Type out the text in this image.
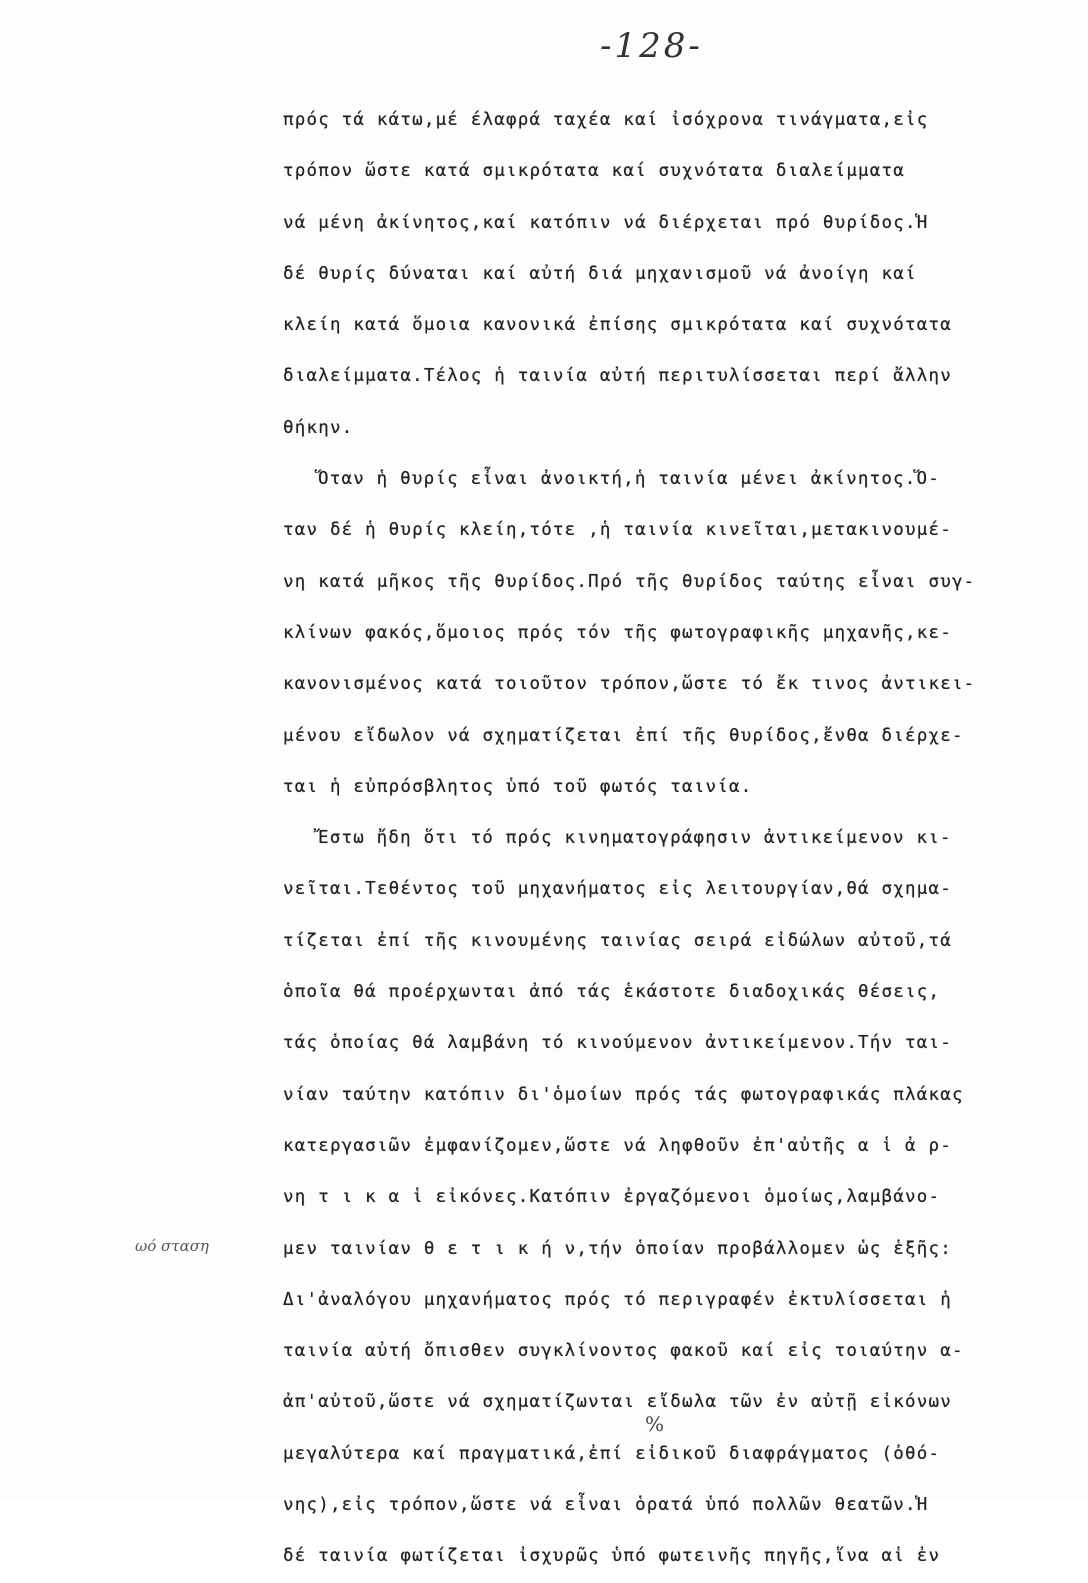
-128-
πρός τά κάτω,μέ έλαφρά ταχέα καί ἰσόχρονα τινάγματα,εἰς
τρόπον ὥστε κατά σμικρότατα καί συχνότατα διαλείμματα
νά μένη ἀκίνητος,καί κατόπιν νά διέρχεται πρό θυρίδος.Ἡ
δέ θυρίς δύναται καί αὐτή διά μηχανισμοῦ νά ἀνοίγη καί
κλείη κατά ὅμοια κανονικά ἐπίσης σμικρότατα καί συχνότατα
διαλείμματα.Τέλος ἡ ταινία αὐτή περιτυλίσσεται περί ἄλλην
θήκην.
Ὅταν ἡ θυρίς εἶναι ἀνοικτή,ἡ ταινία μένει ἀκίνητος.Ὅ-
ταν δέ ἡ θυρίς κλείη,τότε ,ἡ ταινία κινεῖται,μετακινουμέ-
νη κατά μῆκος τῆς θυρίδος.Πρό τῆς θυρίδος ταύτης εἶναι συγ-
κλίνων φακός,ὅμοιος πρός τόν τῆς φωτογραφικῆς μηχανῆς,κε-
κανονισμένος κατά τοιοῦτον τρόπον,ὥστε τό ἔκ τινος ἀντικει-
μένου εἴδωλον νά σχηματίζεται ἐπί τῆς θυρίδος,ἔνθα διέρχε-
ται ἡ εὐπρόσβλητος ὑπό τοῦ φωτός ταινία.
Ἔστω ἤδη ὅτι τό πρός κινηματογράφησιν ἀντικείμενον κι-
νεῖται.Τεθέντος τοῦ μηχανήματος εἰς λειτουργίαν,θά σχημα-
τίζεται ἐπί τῆς κινουμένης ταινίας σειρά εἰδώλων αὐτοῦ,τά
ὁποῖα θά προέρχωνται ἀπό τάς ἑκάστοτε διαδοχικάς θέσεις,
τάς ὁποίας θά λαμβάνη τό κινούμενον ἀντικείμενον.Τήν ται-
νίαν ταύτην κατόπιν δι'ὁμοίων πρός τάς φωτογραφικάς πλάκας
κατεργασιῶν ἐμφανίζομεν,ὥστε νά ληφθοῦν ἐπ'αὐτῆς α ἱ ἀ ρ-
νη τ ι κ α ἱ εἰκόνες.Κατόπιν ἐργαζόμενοι ὁμοίως,λαμβάνο-
μεν ταινίαν θ ε τ ι κ ή ν,τήν ὁποίαν προβάλλομεν ὡς ἑξῆς:
Δι'ἀναλόγου μηχανήματος πρός τό περιγραφέν ἐκτυλίσσεται ἡ
ταινία αὐτή ὄπισθεν συγκλίνοντος φακοῦ καί εἰς τοιαύτην α-
ἀπ'αὐτοῦ,ὥστε νά σχηματίζωνται εἴδωλα τῶν ἐν αὐτῇ εἰκόνων
μεγαλύτερα καί πραγματικά,ἐπί εἰδικοῦ διαφράγματος (ὀθό-
νης),εἰς τρόπον,ὥστε νά εἶναι ὁρατά ὑπό πολλῶν θεατῶν.Ἡ
δέ ταινία φωτίζεται ἰσχυρῶς ὑπό φωτεινῆς πηγῆς,ἵνα αἱ ἐν
ωό σταση
%
